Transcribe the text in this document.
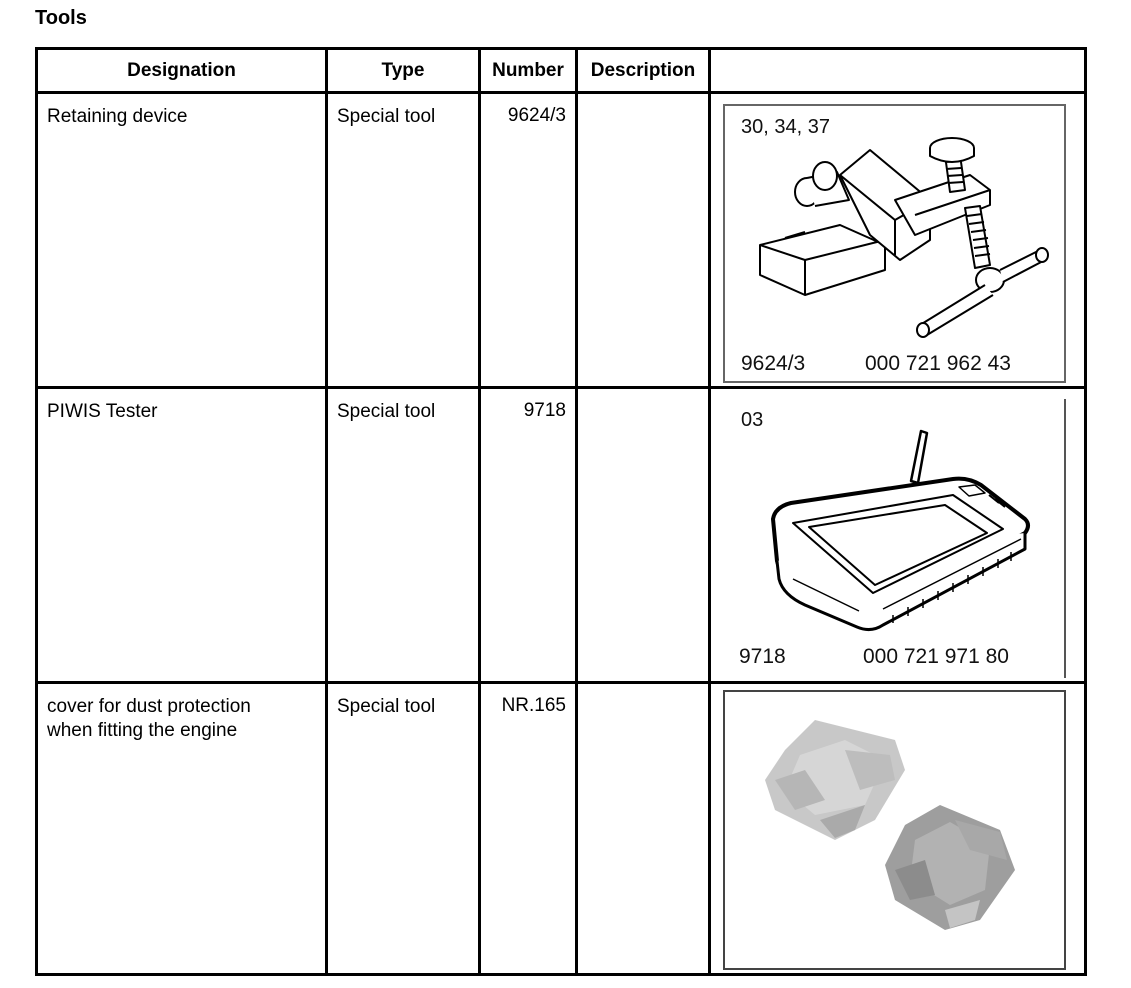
Tools
Designation	Type	Number	Description	

Retaining device	Special tool	9624/3		30, 34, 37
9624/3 000 721 962 43

PIWIS Tester	Special tool	9718		03
9718 000 721 971 80

cover for dust protection
when fitting the engine	Special tool	NR.165
